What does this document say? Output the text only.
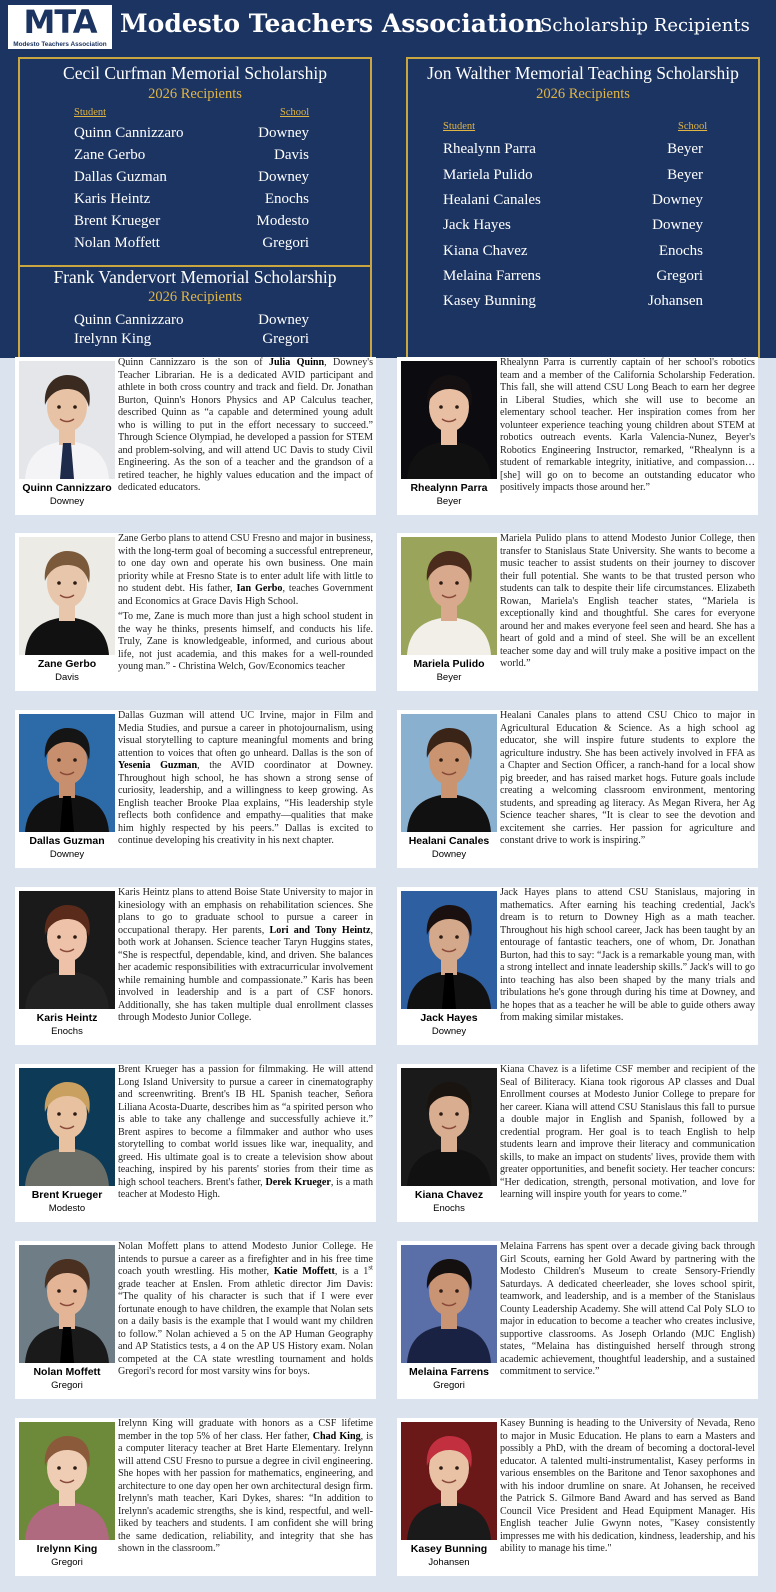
MTA
Modesto Teachers Association
Modesto Teachers Association
Scholarship Recipients
Cecil Curfman Memorial Scholarship
2026 Recipients
Student	School
Quinn Cannizzaro	Downey
Zane Gerbo	Davis
Dallas Guzman	Downey
Karis Heintz	Enochs
Brent Krueger	Modesto
Nolan Moffett	Gregori
Frank Vandervort Memorial Scholarship
2026 Recipients
Quinn Cannizzaro	Downey
Irelynn King	Gregori
Jon Walther Memorial Teaching Scholarship
2026 Recipients
Student	School
Rhealynn Parra	Beyer
Mariela Pulido	Beyer
Healani Canales	Downey
Jack Hayes	Downey
Kiana Chavez	Enochs
Melaina Farrens	Gregori
Kasey Bunning	Johansen
Quinn Cannizzaro
Downey

Quinn Cannizzaro is the son of Julia Quinn, Downey's Teacher Librarian. He is a dedicated AVID participant and athlete in both cross country and track and field. Dr. Jonathan Burton, Quinn's Honors Physics and AP Calculus teacher, described Quinn as “a capable and determined young adult who is willing to put in the effort necessary to succeed.” Through Science Olympiad, he developed a passion for STEM and problem-solving, and will attend UC Davis to study Civil Engineering. As the son of a teacher and the grandson of a retired teacher, he highly values education and the impact of dedicated educators.	Rhealynn Parra
Beyer

Rhealynn Parra is currently captain of her school's robotics team and a member of the California Scholarship Federation. This fall, she will attend CSU Long Beach to earn her degree in Liberal Studies, which she will use to become an elementary school teacher. Her inspiration comes from her volunteer experience teaching young children about STEM at robotics outreach events. Karla Valencia-Nunez, Beyer's Robotics Engineering Instructor, remarked, “Rhealynn is a student of remarkable integrity, initiative, and compassion…[she] will go on to become an outstanding educator who positively impacts those around her.”

Zane Gerbo
Davis

Zane Gerbo plans to attend CSU Fresno and major in business, with the long-term goal of becoming a successful entrepreneur, to one day own and operate his own business. One main priority while at Fresno State is to enter adult life with little to no student debt. His father, Ian Gerbo, teaches Government and Economics at Grace Davis High School.

“To me, Zane is much more than just a high school student in the way he thinks, presents himself, and conducts his life. Truly, Zane is knowledgeable, informed, and curious about life, not just academia, and this makes for a well-rounded young man.” - Christina Welch, Gov/Economics teacher	Mariela Pulido
Beyer

Mariela Pulido plans to attend Modesto Junior College, then transfer to Stanislaus State University. She wants to become a music teacher to assist students on their journey to discover their full potential. She wants to be that trusted person who students can talk to despite their life circumstances. Elizabeth Rowan, Mariela's English teacher states, “Mariela is exceptionally kind and thoughtful. She cares for everyone around her and makes everyone feel seen and heard. She has a heart of gold and a mind of steel. She will be an excellent teacher some day and will truly make a positive impact on the world.”

Dallas Guzman
Downey

Dallas Guzman will attend UC Irvine, major in Film and Media Studies, and pursue a career in photojournalism, using visual storytelling to capture meaningful moments and bring attention to voices that often go unheard. Dallas is the son of Yesenia Guzman, the AVID coordinator at Downey. Throughout high school, he has shown a strong sense of curiosity, leadership, and a willingness to keep growing. As English teacher Brooke Plaa explains, “His leadership style reflects both confidence and empathy—qualities that make him highly respected by his peers.” Dallas is excited to continue developing his creativity in his next chapter.	Healani Canales
Downey

Healani Canales plans to attend CSU Chico to major in Agricultural Education & Science. As a high school ag educator, she will inspire future students to explore the agriculture industry. She has been actively involved in FFA as a Chapter and Section Officer, a ranch-hand for a local show pig breeder, and has raised market hogs. Future goals include creating a welcoming classroom environment, mentoring students, and spreading ag literacy. As Megan Rivera, her Ag Science teacher shares, “It is clear to see the devotion and excitement she carries. Her passion for agriculture and constant drive to work is inspiring.”

Karis Heintz
Enochs

Karis Heintz plans to attend Boise State University to major in kinesiology with an emphasis on rehabilitation sciences. She plans to go to graduate school to pursue a career in occupational therapy. Her parents, Lori and Tony Heintz, both work at Johansen. Science teacher Taryn Huggins states, “She is respectful, dependable, kind, and driven. She balances her academic responsibilities with extracurricular involvement while remaining humble and compassionate.” Karis has been involved in leadership and is a part of CSF honors. Additionally, she has taken multiple dual enrollment classes through Modesto Junior College.	Jack Hayes
Downey

Jack Hayes plans to attend CSU Stanislaus, majoring in mathematics. After earning his teaching credential, Jack's dream is to return to Downey High as a math teacher. Throughout his high school career, Jack has been taught by an entourage of fantastic teachers, one of whom, Dr. Jonathan Burton, had this to say: “Jack is a remarkable young man, with a strong intellect and innate leadership skills.” Jack's will to go into teaching has also been shaped by the many trials and tribulations he's gone through during his time at Downey, and he hopes that as a teacher he will be able to guide others away from making similar mistakes.

Brent Krueger
Modesto

Brent Krueger has a passion for filmmaking. He will attend Long Island University to pursue a career in cinematography and screenwriting. Brent's IB HL Spanish teacher, Señora Liliana Acosta-Duarte, describes him as “a spirited person who is able to take any challenge and successfully achieve it.” Brent aspires to become a filmmaker and author who uses storytelling to combat world issues like war, inequality, and greed. His ultimate goal is to create a television show about teaching, inspired by his parents' stories from their time as high school teachers. Brent's father, Derek Krueger, is a math teacher at Modesto High.	Kiana Chavez
Enochs

Kiana Chavez is a lifetime CSF member and recipient of the Seal of Biliteracy. Kiana took rigorous AP classes and Dual Enrollment courses at Modesto Junior College to prepare for her career. Kiana will attend CSU Stanislaus this fall to pursue a double major in English and Spanish, followed by a credential program. Her goal is to teach English to help students learn and improve their literacy and communication skills, to make an impact on students' lives, provide them with greater opportunities, and benefit society. Her teacher concurs: “Her dedication, strength, personal motivation, and love for learning will inspire youth for years to come.”

Nolan Moffett
Gregori

Nolan Moffett plans to attend Modesto Junior College. He intends to pursue a career as a firefighter and in his free time coach youth wrestling. His mother, Katie Moffett, is a 1st grade teacher at Enslen. From athletic director Jim Davis: “The quality of his character is such that if I were ever fortunate enough to have children, the example that Nolan sets on a daily basis is the example that I would want my children to follow.” Nolan achieved a 5 on the AP Human Geography and AP Statistics tests, a 4 on the AP US History exam. Nolan competed at the CA state wrestling tournament and holds Gregori's record for most varsity wins for boys.	Melaina Farrens
Gregori

Melaina Farrens has spent over a decade giving back through Girl Scouts, earning her Gold Award by partnering with the Modesto Children's Museum to create Sensory-Friendly Saturdays. A dedicated cheerleader, she loves school spirit, teamwork, and leadership, and is a member of the Stanislaus County Leadership Academy. She will attend Cal Poly SLO to major in education to become a teacher who creates inclusive, supportive classrooms. As Joseph Orlando (MJC English) states, “Melaina has distinguished herself through strong academic achievement, thoughtful leadership, and a sustained commitment to service.”

Irelynn King
Gregori

Irelynn King will graduate with honors as a CSF lifetime member in the top 5% of her class. Her father, Chad King, is a computer literacy teacher at Bret Harte Elementary. Irelynn will attend CSU Fresno to pursue a degree in civil engineering. She hopes with her passion for mathematics, engineering, and architecture to one day open her own architectural design firm. Irelynn's math teacher, Kari Dykes, shares: “In addition to Irelynn's academic strengths, she is kind, respectful, and well-liked by teachers and students. I am confident she will bring the same dedication, reliability, and integrity that she has shown in the classroom.”	Kasey Bunning
Johansen

Kasey Bunning is heading to the University of Nevada, Reno to major in Music Education. He plans to earn a Masters and possibly a PhD, with the dream of becoming a doctoral-level educator. A talented multi-instrumentalist, Kasey performs in various ensembles on the Baritone and Tenor saxophones and with his indoor drumline on snare. At Johansen, he received the Patrick S. Gilmore Band Award and has served as Band Council Vice President and Head Equipment Manager. His English teacher Julie Gwynn notes, "Kasey consistently impresses me with his dedication, kindness, leadership, and his ability to manage his time."
